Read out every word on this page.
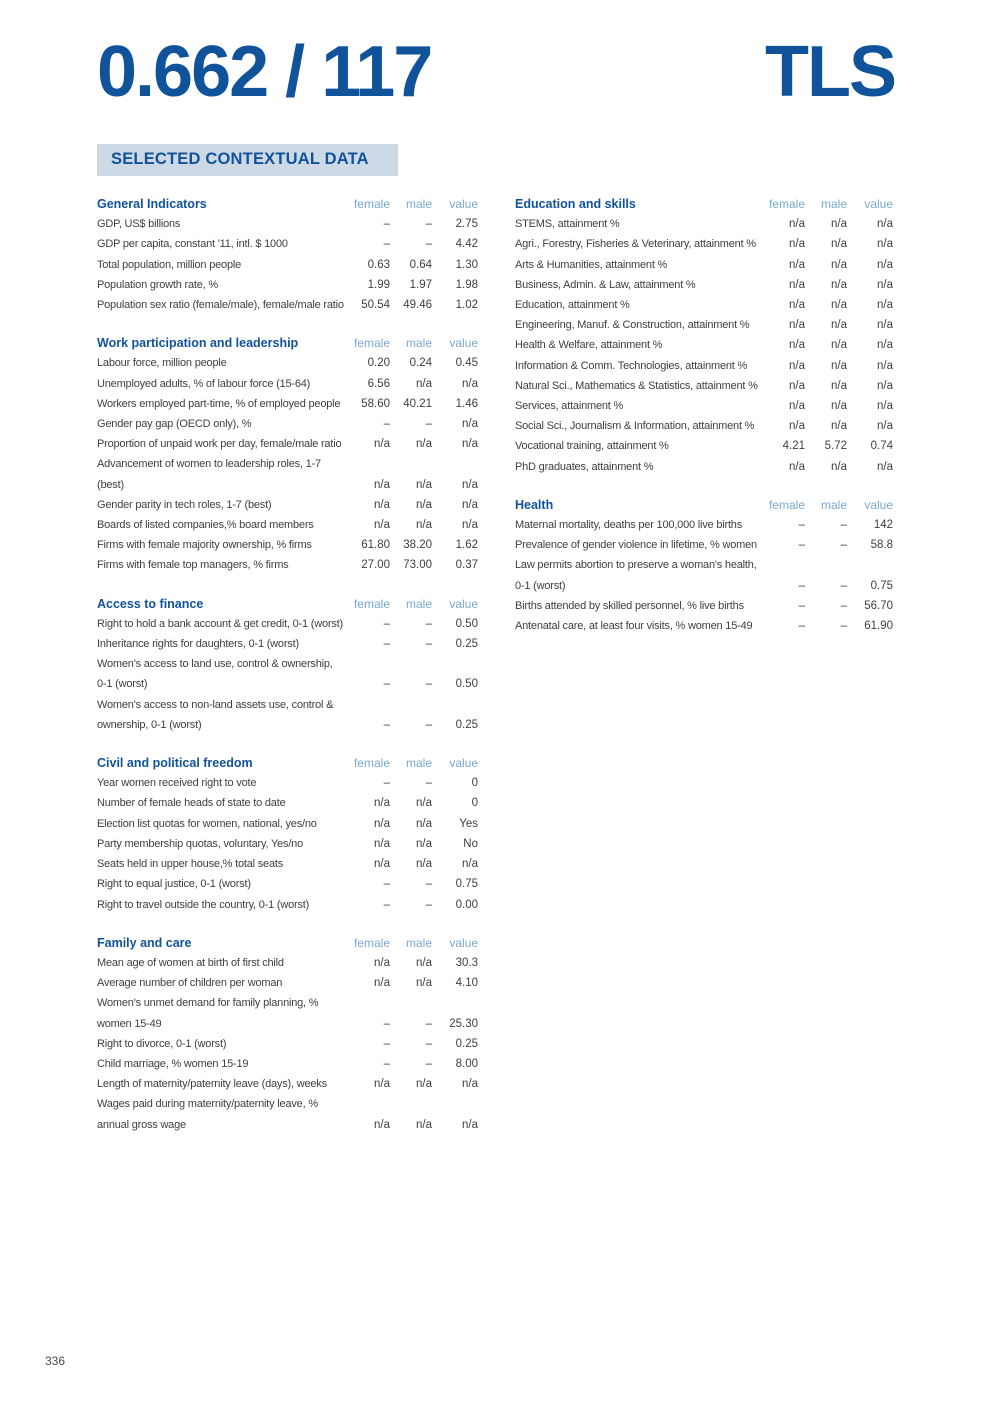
0.662 / 117	TLS
SELECTED CONTEXTUAL DATA
General Indicators	female	male	value
GDP, US$ billions	–	–	2.75
GDP per capita, constant '11, intl. $ 1000	–	–	4.42
Total population, million people	0.63	0.64	1.30
Population growth rate, %	1.99	1.97	1.98
Population sex ratio (female/male), female/male ratio	50.54	49.46	1.02
Work participation and leadership	female	male	value
Labour force, million people	0.20	0.24	0.45
Unemployed adults, % of labour force (15-64)	6.56	n/a	n/a
Workers employed part-time, % of employed people	58.60	40.21	1.46
Gender pay gap (OECD only), %	–	–	n/a
Proportion of unpaid work per day, female/male ratio	n/a	n/a	n/a
Advancement of women to leadership roles, 1-7 (best)	n/a	n/a	n/a
Gender parity in tech roles, 1-7 (best)	n/a	n/a	n/a
Boards of listed companies,% board members	n/a	n/a	n/a
Firms with female majority ownership, % firms	61.80	38.20	1.62
Firms with female top managers, % firms	27.00	73.00	0.37
Access to finance	female	male	value
Right to hold a bank account & get credit, 0-1 (worst)	–	–	0.50
Inheritance rights for daughters, 0-1 (worst)	–	–	0.25
Women's access to land use, control & ownership, 0-1 (worst)	–	–	0.50
Women's access to non-land assets use, control & ownership, 0-1 (worst)	–	–	0.25
Civil and political freedom	female	male	value
Year women received right to vote	–	–	0
Number of female heads of state to date	n/a	n/a	0
Election list quotas for women, national, yes/no	n/a	n/a	Yes
Party membership quotas, voluntary, Yes/no	n/a	n/a	No
Seats held in upper house,% total seats	n/a	n/a	n/a
Right to equal justice, 0-1 (worst)	–	–	0.75
Right to travel outside the country, 0-1 (worst)	–	–	0.00
Family and care	female	male	value
Mean age of women at birth of first child	n/a	n/a	30.3
Average number of children per woman	n/a	n/a	4.10
Women's unmet demand for family planning, % women 15-49	–	–	25.30
Right to divorce, 0-1 (worst)	–	–	0.25
Child marriage, % women 15-19	–	–	8.00
Length of maternity/paternity leave (days), weeks	n/a	n/a	n/a
Wages paid during maternity/paternity leave, % annual gross wage	n/a	n/a	n/a
Education and skills	female	male	value
STEMS, attainment %	n/a	n/a	n/a
Agri., Forestry, Fisheries & Veterinary, attainment %	n/a	n/a	n/a
Arts & Humanities, attainment %	n/a	n/a	n/a
Business, Admin. & Law, attainment %	n/a	n/a	n/a
Education, attainment %	n/a	n/a	n/a
Engineering, Manuf. & Construction, attainment %	n/a	n/a	n/a
Health & Welfare, attainment %	n/a	n/a	n/a
Information & Comm. Technologies, attainment %	n/a	n/a	n/a
Natural Sci., Mathematics & Statistics, attainment %	n/a	n/a	n/a
Services, attainment %	n/a	n/a	n/a
Social Sci., Journalism & Information, attainment %	n/a	n/a	n/a
Vocational training, attainment %	4.21	5.72	0.74
PhD graduates, attainment %	n/a	n/a	n/a
Health	female	male	value
Maternal mortality, deaths per 100,000 live births	–	–	142
Prevalence of gender violence in lifetime, % women	–	–	58.8
Law permits abortion to preserve a woman's health, 0-1 (worst)	–	–	0.75
Births attended by skilled personnel, % live births	–	–	56.70
Antenatal care, at least four visits, % women 15-49	–	–	61.90
336
